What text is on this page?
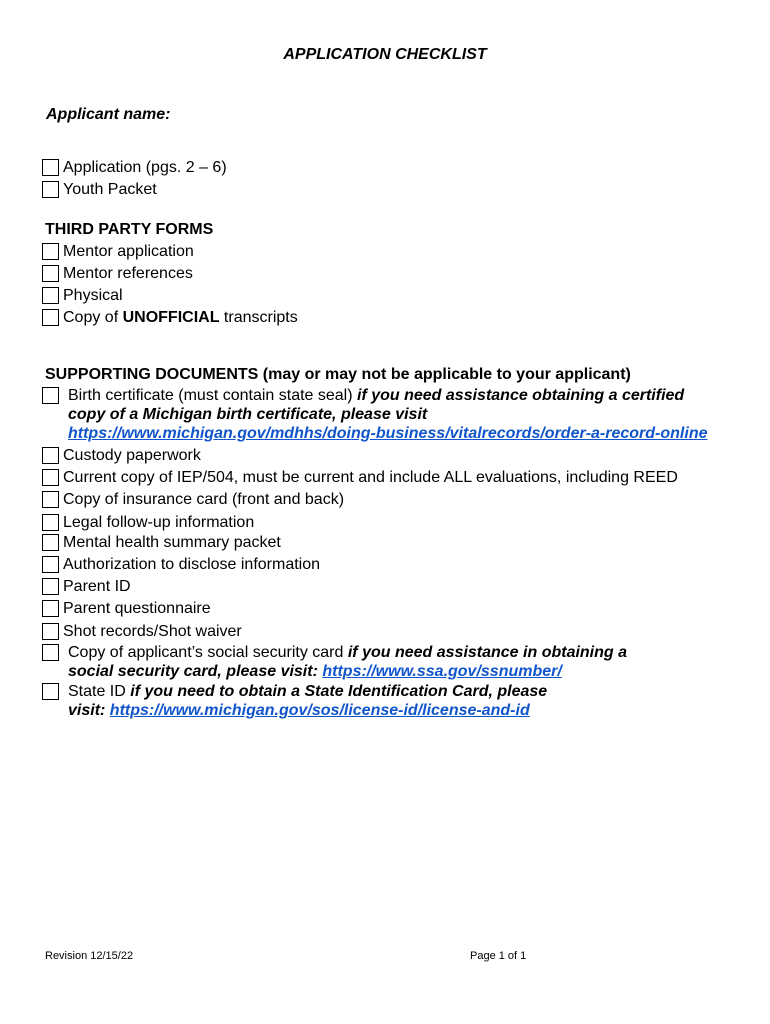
APPLICATION CHECKLIST
Applicant name:
Application (pgs. 2 – 6)
Youth Packet
THIRD PARTY FORMS
Mentor application
Mentor references
Physical
Copy of UNOFFICIAL transcripts
SUPPORTING DOCUMENTS (may or may not be applicable to your applicant)
Birth certificate (must contain state seal) if you need assistance obtaining a certified
copy of a Michigan birth certificate, please visit
https://www.michigan.gov/mdhhs/doing-business/vitalrecords/order-a-record-online
Custody paperwork
Current copy of IEP/504, must be current and include ALL evaluations, including REED
Copy of insurance card (front and back)
Legal follow-up information
Mental health summary packet
Authorization to disclose information
Parent ID
Parent questionnaire
Shot records/Shot waiver
Copy of applicant’s social security card if you need assistance in obtaining a
social security card, please visit: https://www.ssa.gov/ssnumber/
State ID if you need to obtain a State Identification Card, please
visit: https://www.michigan.gov/sos/license-id/license-and-id
Revision 12/15/22	Page 1 of 1
